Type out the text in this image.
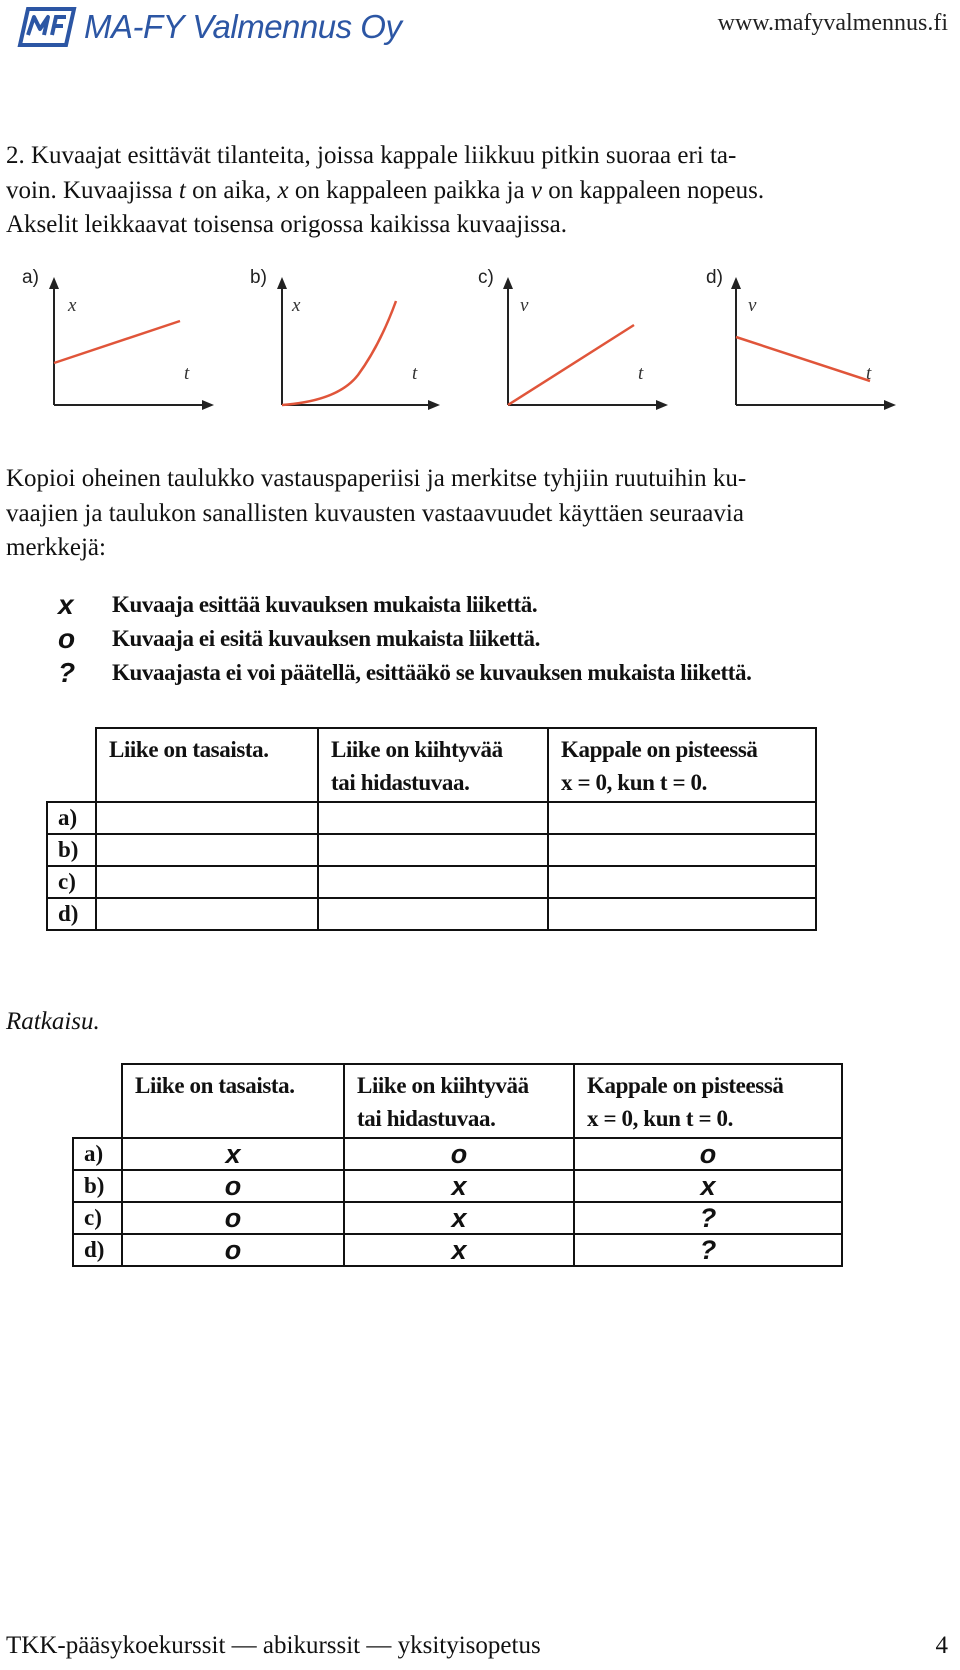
MA-FY Valmennus Oy	www.mafyvalmennus.fi

2. Kuvaajat esittävät tilanteita, joissa kappale liikkuu pitkin suoraa eri ta-

voin. Kuvaajissa t on aika, x on kappaleen paikka ja v on kappaleen nopeus.

Akselit leikkaavat toisensa origossa kaikissa kuvaajissa.

a)
x
t
b)
x
t
c)
v
t
d)
v
t

Kopioi oheinen taulukko vastauspaperiisi ja merkitse tyhjiin ruutuihin ku-

vaajien ja taulukon sanallisten kuvausten vastaavuudet käyttäen seuraavia

merkkejä:

x	Kuvaaja esittää kuvauksen mukaista liikettä.
o	Kuvaaja ei esitä kuvauksen mukaista liikettä.
?	Kuvaajasta ei voi päätellä, esittääkö se kuvauksen mukaista liikettä.
	Liike on tasaista.	Liike on kiihtyvää
tai hidastuvaa.	Kappale on pisteessä
x = 0, kun t = 0.
a)			
b)			
c)			
d)			
Ratkaisu.
	Liike on tasaista.	Liike on kiihtyvää
tai hidastuvaa.	Kappale on pisteessä
x = 0, kun t = 0.
a)	x	o	o
b)	o	x	x
c)	o	x	?
d)	o	x	?
TKK-pääsykoekurssit — abikurssit — yksityisopetus	4
